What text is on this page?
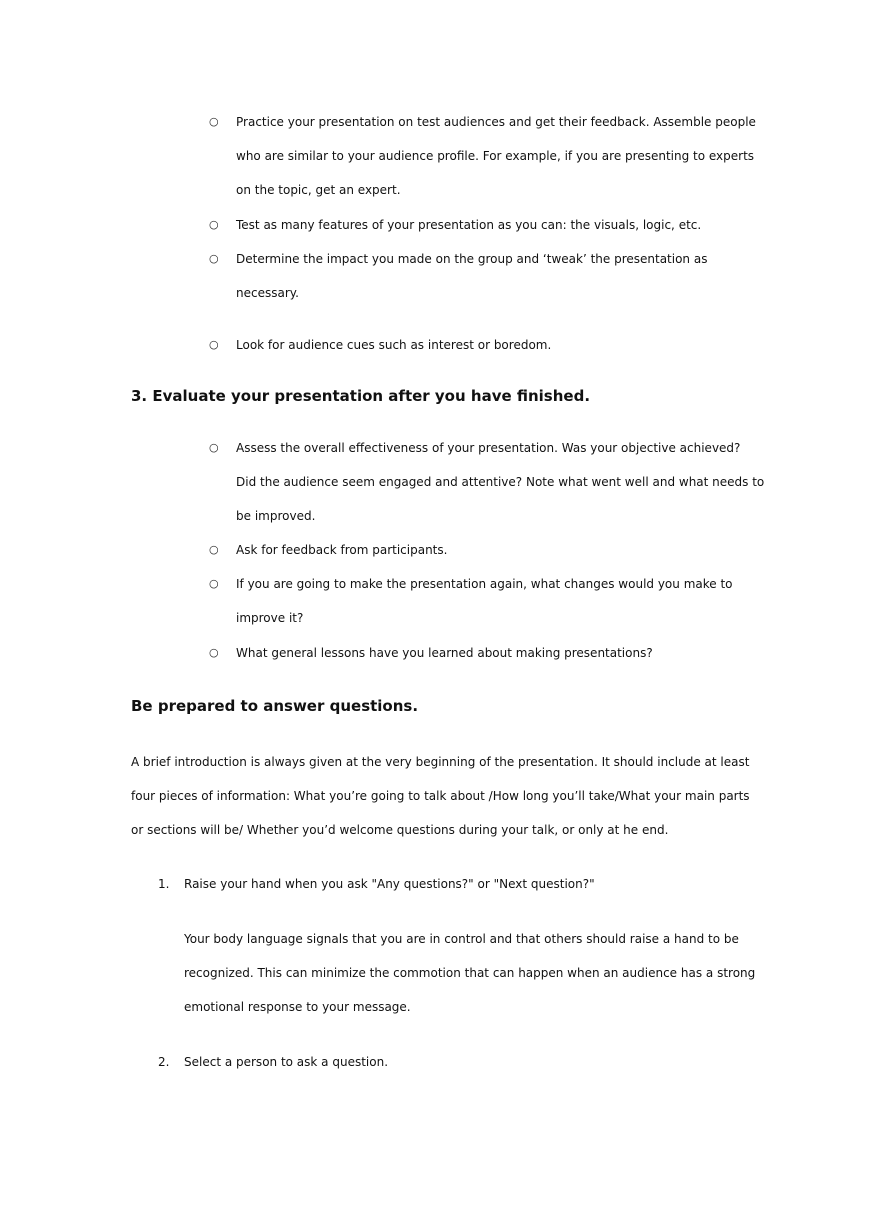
○ Practice your presentation on test audiences and get their feedback. Assemble people
who are similar to your audience profile. For example, if you are presenting to experts
on the topic, get an expert.
○ Test as many features of your presentation as you can: the visuals, logic, etc.
○ Determine the impact you made on the group and ‘tweak’ the presentation as
necessary.
○ Look for audience cues such as interest or boredom.
3. Evaluate your presentation after you have finished.
○ Assess the overall effectiveness of your presentation. Was your objective achieved?
Did the audience seem engaged and attentive? Note what went well and what needs to
be improved.
○ Ask for feedback from participants.
○ If you are going to make the presentation again, what changes would you make to
improve it?
○ What general lessons have you learned about making presentations?
Be prepared to answer questions.
A brief introduction is always given at the very beginning of the presentation. It should include at least
four pieces of information: What you’re going to talk about /How long you’ll take/What your main parts
or sections will be/ Whether you’d welcome questions during your talk, or only at he end.
1. Raise your hand when you ask "Any questions?" or "Next question?"
Your body language signals that you are in control and that others should raise a hand to be
recognized. This can minimize the commotion that can happen when an audience has a strong
emotional response to your message.
2. Select a person to ask a question.
